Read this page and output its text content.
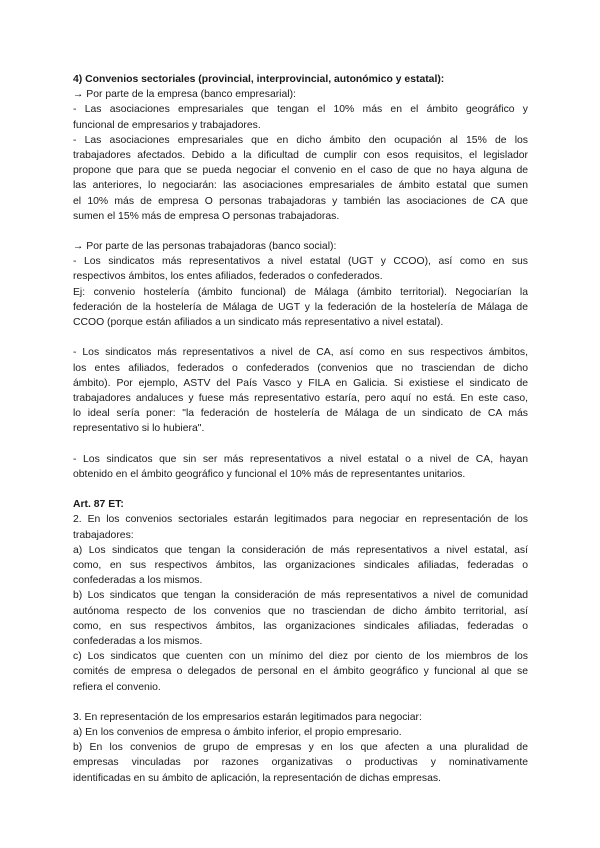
4) Convenios sectoriales (provincial, interprovincial, autonómico y estatal):
→ Por parte de la empresa (banco empresarial):
- Las asociaciones empresariales que tengan el 10% más en el ámbito geográfico y
funcional de empresarios y trabajadores.
- Las asociaciones empresariales que en dicho ámbito den ocupación al 15% de los
trabajadores afectados. Debido a la dificultad de cumplir con esos requisitos, el legislador
propone que para que se pueda negociar el convenio en el caso de que no haya alguna de
las anteriores, lo negociarán: las asociaciones empresariales de ámbito estatal que sumen
el 10% más de empresa O personas trabajadoras y también las asociaciones de CA que
sumen el 15% más de empresa O personas trabajadoras.
→ Por parte de las personas trabajadoras (banco social):
- Los sindicatos más representativos a nivel estatal (UGT y CCOO), así como en sus
respectivos ámbitos, los entes afiliados, federados o confederados.
Ej: convenio hostelería (ámbito funcional) de Málaga (ámbito territorial). Negociarían la
federación de la hostelería de Málaga de UGT y la federación de la hostelería de Málaga de
CCOO (porque están afiliados a un sindicato más representativo a nivel estatal).
- Los sindicatos más representativos a nivel de CA, así como en sus respectivos ámbitos,
los entes afiliados, federados o confederados (convenios que no trasciendan de dicho
ámbito). Por ejemplo, ASTV del País Vasco y FILA en Galicia. Si existiese el sindicato de
trabajadores andaluces y fuese más representativo estaría, pero aquí no está. En este caso,
lo ideal sería poner: "la federación de hostelería de Málaga de un sindicato de CA más
representativo si lo hubiera".
- Los sindicatos que sin ser más representativos a nivel estatal o a nivel de CA, hayan
obtenido en el ámbito geográfico y funcional el 10% más de representantes unitarios.
Art. 87 ET:
2. En los convenios sectoriales estarán legitimados para negociar en representación de los
trabajadores:
a) Los sindicatos que tengan la consideración de más representativos a nivel estatal, así
como, en sus respectivos ámbitos, las organizaciones sindicales afiliadas, federadas o
confederadas a los mismos.
b) Los sindicatos que tengan la consideración de más representativos a nivel de comunidad
autónoma respecto de los convenios que no trasciendan de dicho ámbito territorial, así
como, en sus respectivos ámbitos, las organizaciones sindicales afiliadas, federadas o
confederadas a los mismos.
c) Los sindicatos que cuenten con un mínimo del diez por ciento de los miembros de los
comités de empresa o delegados de personal en el ámbito geográfico y funcional al que se
refiera el convenio.
3. En representación de los empresarios estarán legitimados para negociar:
a) En los convenios de empresa o ámbito inferior, el propio empresario.
b) En los convenios de grupo de empresas y en los que afecten a una pluralidad de
empresas vinculadas por razones organizativas o productivas y nominativamente
identificadas en su ámbito de aplicación, la representación de dichas empresas.
